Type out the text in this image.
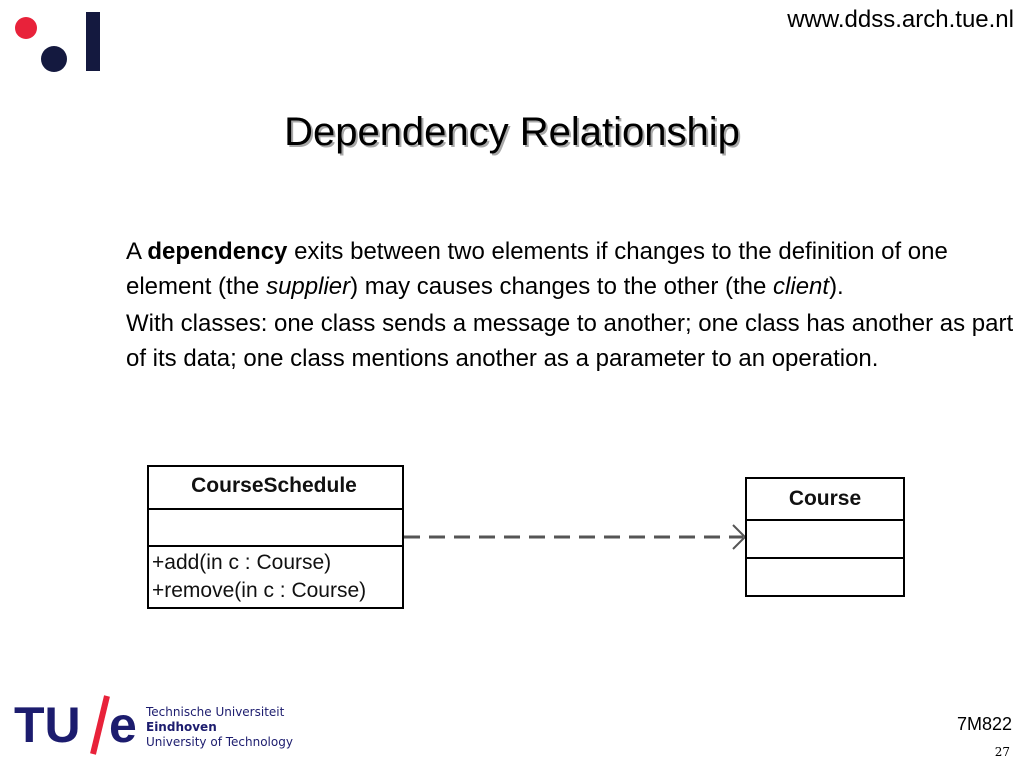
www.ddss.arch.tue.nl
Dependency Relationship

A dependency exits between two elements if changes to the definition of one element (the supplier) may causes changes to the other (the client).

With classes: one class sends a message to another; one class has another as part of its data; one class mentions another as a parameter to an operation.

CourseSchedule
+add(in c : Course)
+remove(in c : Course)
Course
TU e Technische Universiteit
Eindhoven
University of Technology
7M822
27
